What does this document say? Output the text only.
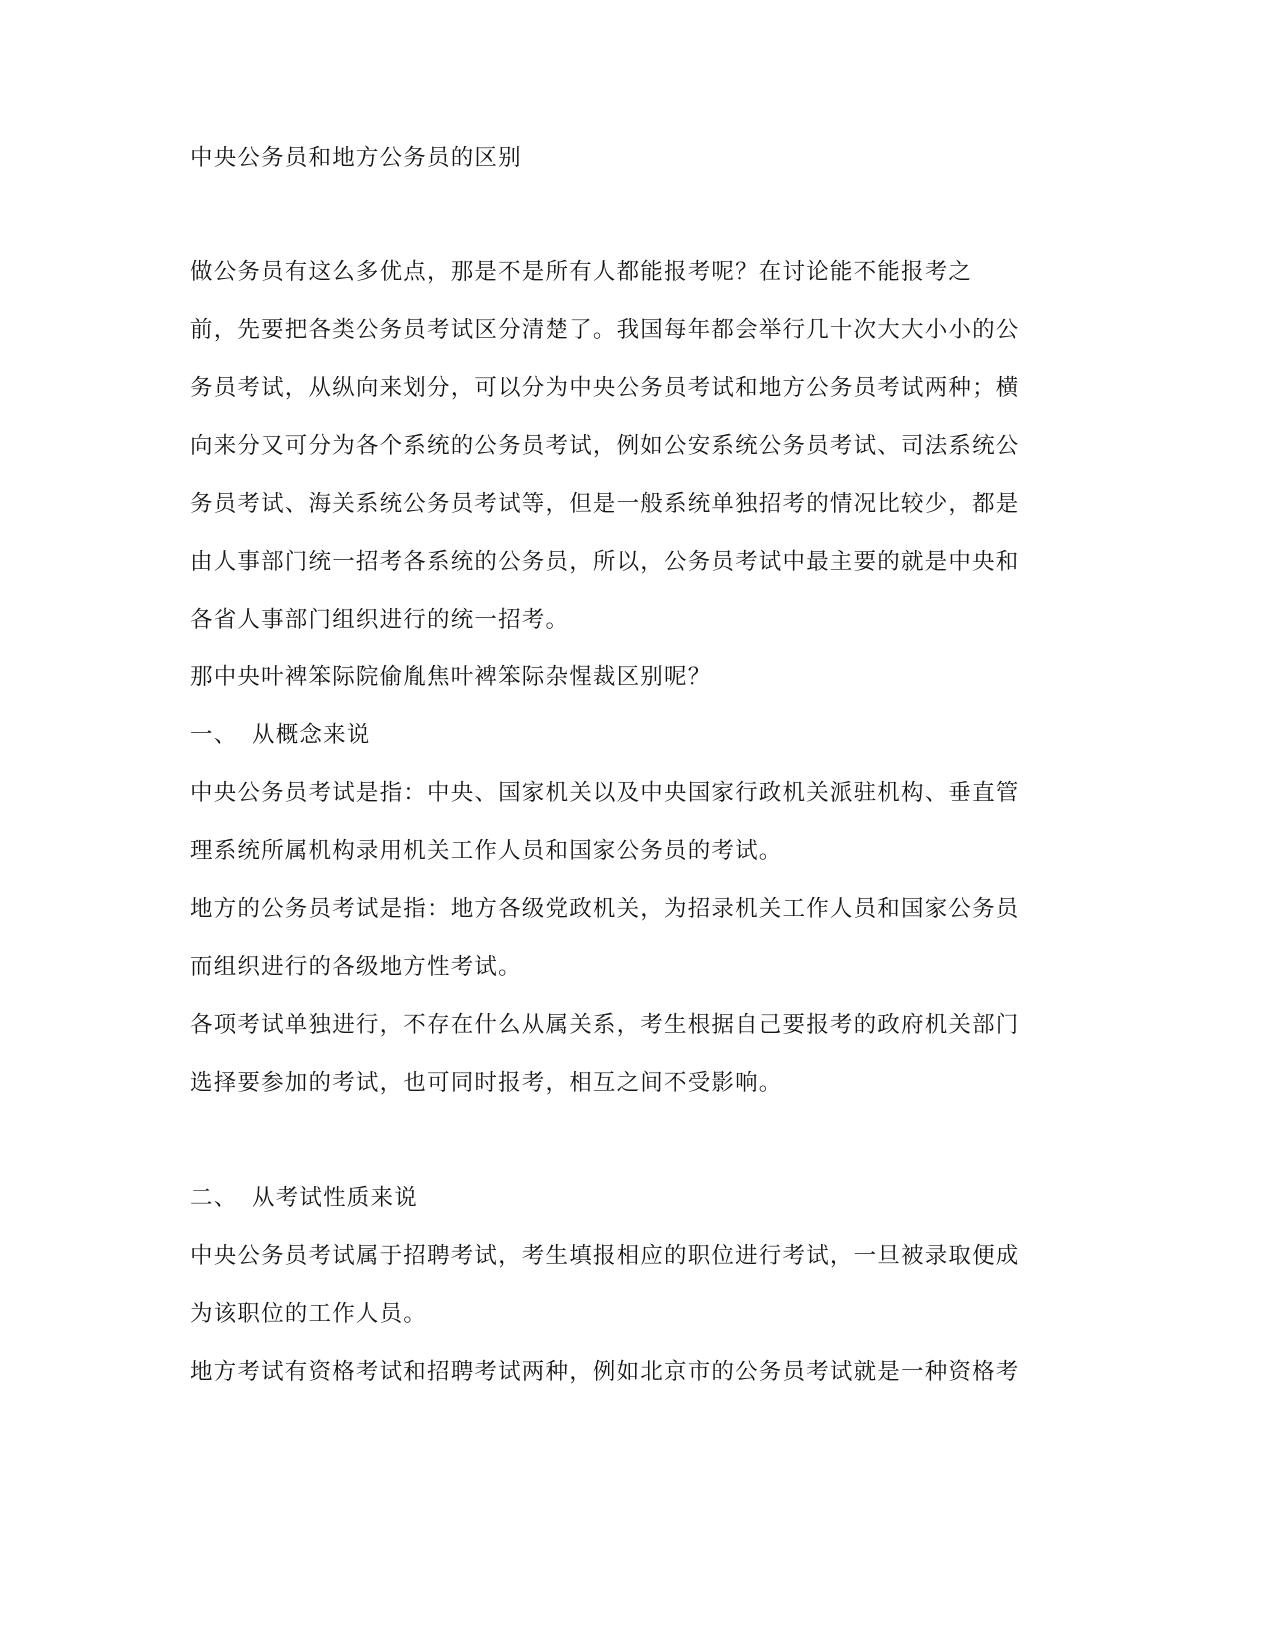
中央公务员和地方公务员的区别
做公务员有这么多优点，那是不是所有人都能报考呢？在讨论能不能报考之
前，先要把各类公务员考试区分清楚了。我国每年都会举行几十次大大小小的公
务员考试，从纵向来划分，可以分为中央公务员考试和地方公务员考试两种；横
向来分又可分为各个系统的公务员考试，例如公安系统公务员考试、司法系统公
务员考试、海关系统公务员考试等，但是一般系统单独招考的情况比较少，都是
由人事部门统一招考各系统的公务员，所以，公务员考试中最主要的就是中央和
各省人事部门组织进行的统一招考。
那中央叶裨笨际院偷胤焦叶裨笨际杂惺裁区别呢？
一、 从概念来说
中央公务员考试是指：中央、国家机关以及中央国家行政机关派驻机构、垂直管
理系统所属机构录用机关工作人员和国家公务员的考试。
地方的公务员考试是指：地方各级党政机关，为招录机关工作人员和国家公务员
而组织进行的各级地方性考试。
各项考试单独进行，不存在什么从属关系，考生根据自己要报考的政府机关部门
选择要参加的考试，也可同时报考，相互之间不受影响。
二、 从考试性质来说
中央公务员考试属于招聘考试，考生填报相应的职位进行考试，一旦被录取便成
为该职位的工作人员。
地方考试有资格考试和招聘考试两种，例如北京市的公务员考试就是一种资格考
